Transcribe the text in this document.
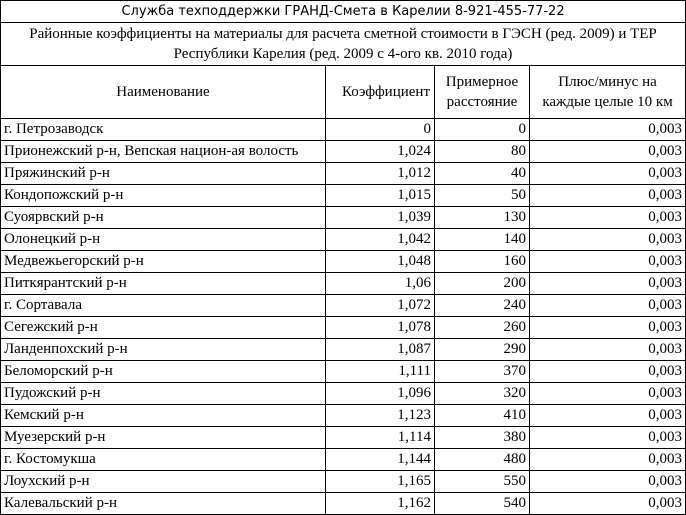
Служба техподдержки ГРАНД-Смета в Карелии 8-921-455-77-22			
Районные коэффициенты на материалы для расчета сметной стоимости в ГЭСН (ред. 2009) и ТЕР Республики Карелия (ред. 2009 с 4-ого кв. 2010 года)			
Наименование	Коэффициент	Примерное расстояние	Плюс/минус на каждые целые 10 км
г. Петрозаводск	0	0	0,003
Прионежский р-н, Вепская национ-ая волость	1,024	80	0,003
Пряжинский р-н	1,012	40	0,003
Кондопожский р-н	1,015	50	0,003
Суоярвский р-н	1,039	130	0,003
Олонецкий р-н	1,042	140	0,003
Медвежьегорский р-н	1,048	160	0,003
Питкярантский р-н	1,06	200	0,003
г. Сортавала	1,072	240	0,003
Сегежский р-н	1,078	260	0,003
Ланденпохский р-н	1,087	290	0,003
Беломорский р-н	1,111	370	0,003
Пудожский р-н	1,096	320	0,003
Кемский р-н	1,123	410	0,003
Муезерский р-н	1,114	380	0,003
г. Костомукша	1,144	480	0,003
Лоухский р-н	1,165	550	0,003
Калевальский р-н	1,162	540	0,003
